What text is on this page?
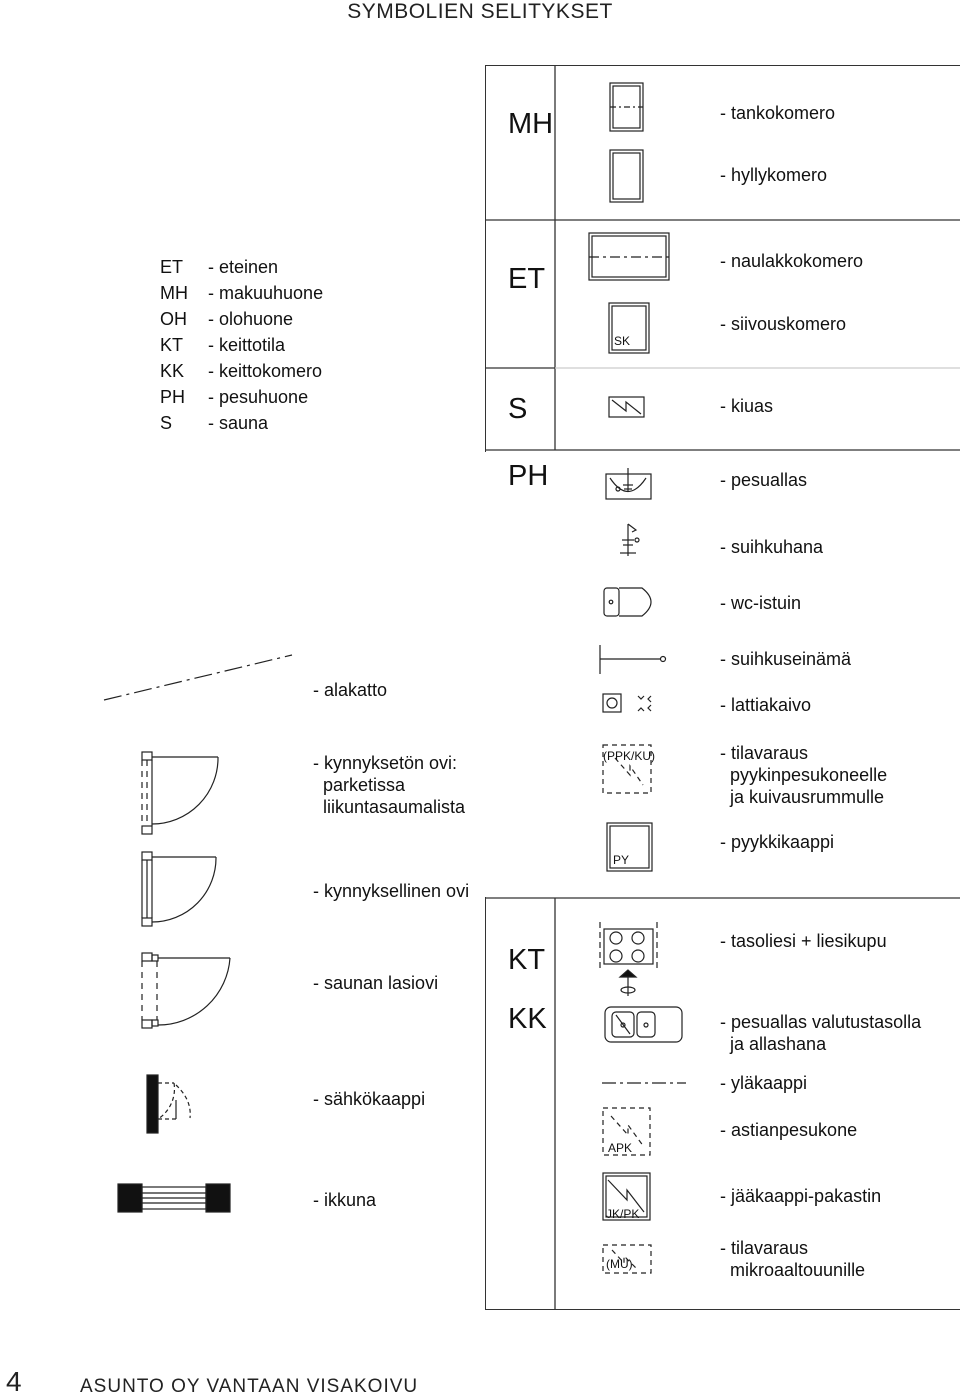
SYMBOLIEN SELITYKSET
MH
ET
S
PH
KT
KK
ET
MH
OH
KT
KK
PH
S
- eteinen
- makuuhuone
- olohuone
- keittotila
- keittokomero
- pesuhuone
- sauna
- alakatto
- kynnyksetön ovi:
parketissa
liikuntasaumalista
- kynnyksellinen ovi
- saunan lasiovi
- sähkökaappi
- ikkuna
SK
(PPK/KU)
PY
APK
JK/PK
(MU)
- tankokomero
- hyllykomero
- naulakkokomero
- siivouskomero
- kiuas
- pesuallas
- suihkuhana
- wc-istuin
- suihkuseinämä
- lattiakaivo
- tilavaraus
pyykinpesukoneelle
ja kuivausrummulle
- pyykkikaappi
- tasoliesi + liesikupu
- pesuallas valutustasolla
ja allashana
- yläkaappi
- astianpesukone
- jääkaappi-pakastin
- tilavaraus
mikroaaltouunille
4	ASUNTO OY VANTAAN VISAKOIVU
